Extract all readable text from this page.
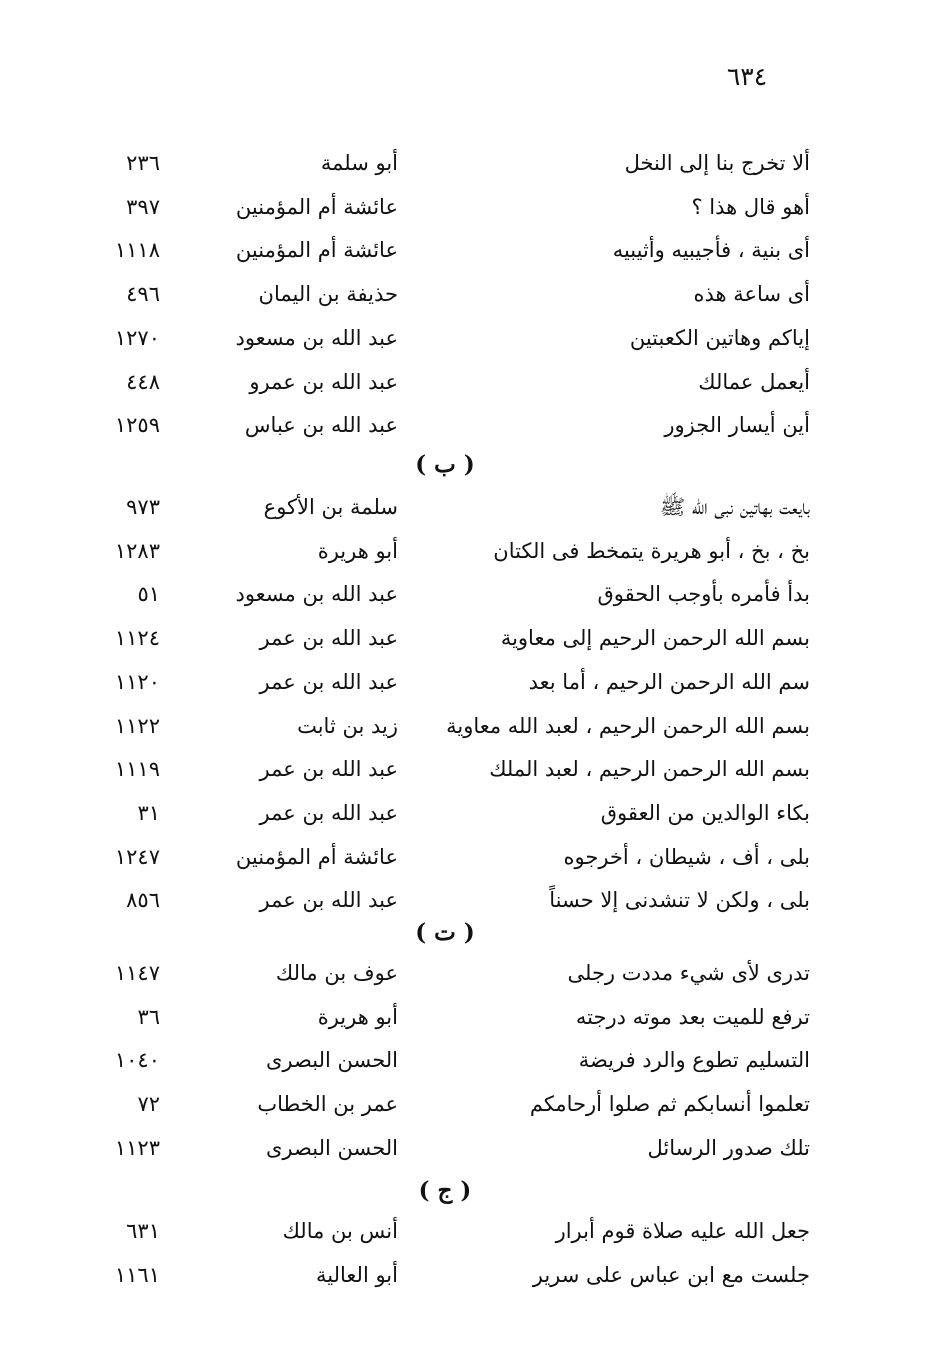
٦٣٤
ألا تخرج بنا إلى النخل
أبو سلمة
٢٣٦
أهو قال هذا ؟
عائشة أم المؤمنين
٣٩٧
أى بنية ، فأجيبيه وأثيبيه
عائشة أم المؤمنين
١١١٨
أى ساعة هذه
حذيفة بن اليمان
٤٩٦
إياكم وهاتين الكعبتين
عبد الله بن مسعود
١٢٧٠
أيعمل عمالك
عبد الله بن عمرو
٤٤٨
أين أيسار الجزور
عبد الله بن عباس
١٢٥٩
( ب )
بايعت بهاتين نبى الله ﷺ
سلمة بن الأكوع
٩٧٣
بخ ، بخ ، أبو هريرة يتمخط فى الكتان
أبو هريرة
١٢٨٣
بدأ فأمره بأوجب الحقوق
عبد الله بن مسعود
٥١
بسم الله الرحمن الرحيم إلى معاوية
عبد الله بن عمر
١١٢٤
سم الله الرحمن الرحيم ، أما بعد
عبد الله بن عمر
١١٢٠
بسم الله الرحمن الرحيم ، لعبد الله معاوية
زيد بن ثابت
١١٢٢
بسم الله الرحمن الرحيم ، لعبد الملك
عبد الله بن عمر
١١١٩
بكاء الوالدين من العقوق
عبد الله بن عمر
٣١
بلى ، أف ، شيطان ، أخرجوه
عائشة أم المؤمنين
١٢٤٧
بلى ، ولكن لا تنشدنى إلا حسناً
عبد الله بن عمر
٨٥٦
( ت )
تدرى لأى شيء مددت رجلى
عوف بن مالك
١١٤٧
ترفع للميت بعد موته درجته
أبو هريرة
٣٦
التسليم تطوع والرد فريضة
الحسن البصرى
١٠٤٠
تعلموا أنسابكم ثم صلوا أرحامكم
عمر بن الخطاب
٧٢
تلك صدور الرسائل
الحسن البصرى
١١٢٣
( ج )
جعل الله عليه صلاة قوم أبرار
أنس بن مالك
٦٣١
جلست مع ابن عباس على سرير
أبو العالية
١١٦١
